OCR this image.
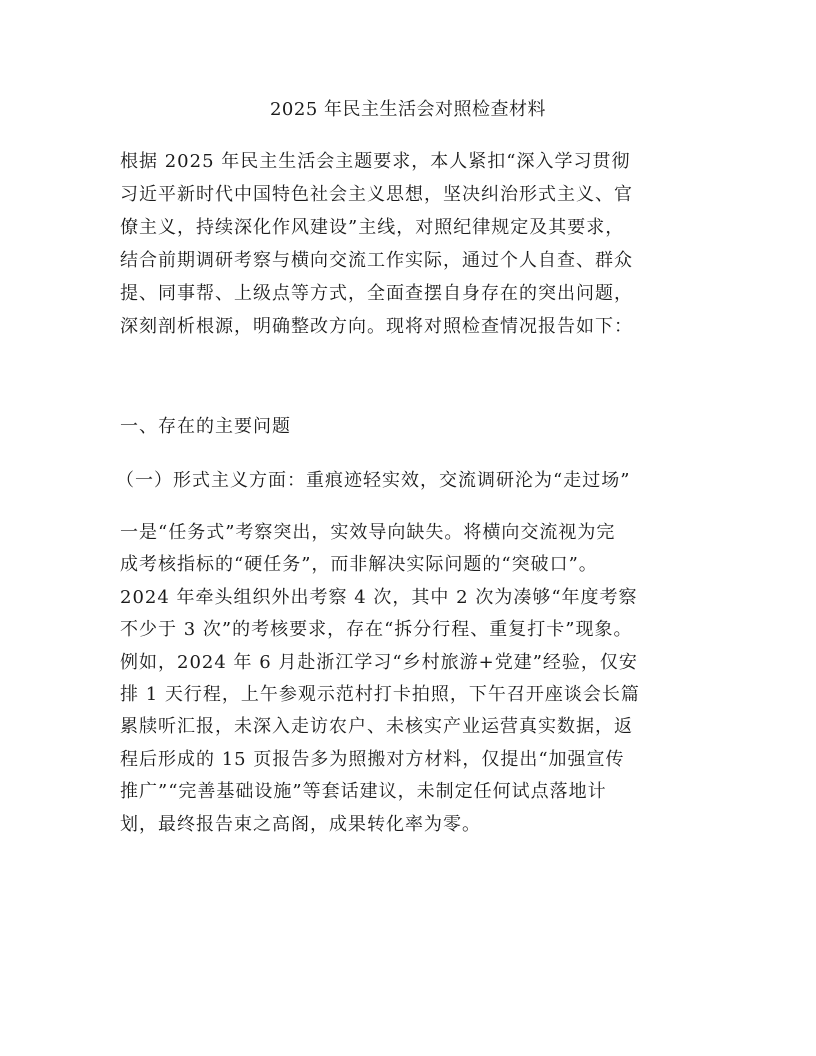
2025 年民主生活会对照检查材料
根据 2025 年民主生活会主题要求，本人紧扣“深入学习贯彻
习近平新时代中国特色社会主义思想，坚决纠治形式主义、官
僚主义，持续深化作风建设”主线，对照纪律规定及其要求，
结合前期调研考察与横向交流工作实际，通过个人自查、群众
提、同事帮、上级点等方式，全面查摆自身存在的突出问题，
深刻剖析根源，明确整改方向。现将对照检查情况报告如下：
一、存在的主要问题
（一）形式主义方面：重痕迹轻实效，交流调研沦为“走过场”
一是“任务式”考察突出，实效导向缺失。将横向交流视为完
成考核指标的“硬任务”，而非解决实际问题的“突破口”。
2024 年牵头组织外出考察 4 次，其中 2 次为凑够“年度考察
不少于 3 次”的考核要求，存在“拆分行程、重复打卡”现象。
例如，2024 年 6 月赴浙江学习“乡村旅游+党建”经验，仅安
排 1 天行程，上午参观示范村打卡拍照，下午召开座谈会长篇
累牍听汇报，未深入走访农户、未核实产业运营真实数据，返
程后形成的 15 页报告多为照搬对方材料，仅提出“加强宣传
推广”“完善基础设施”等套话建议，未制定任何试点落地计
划，最终报告束之高阁，成果转化率为零。
